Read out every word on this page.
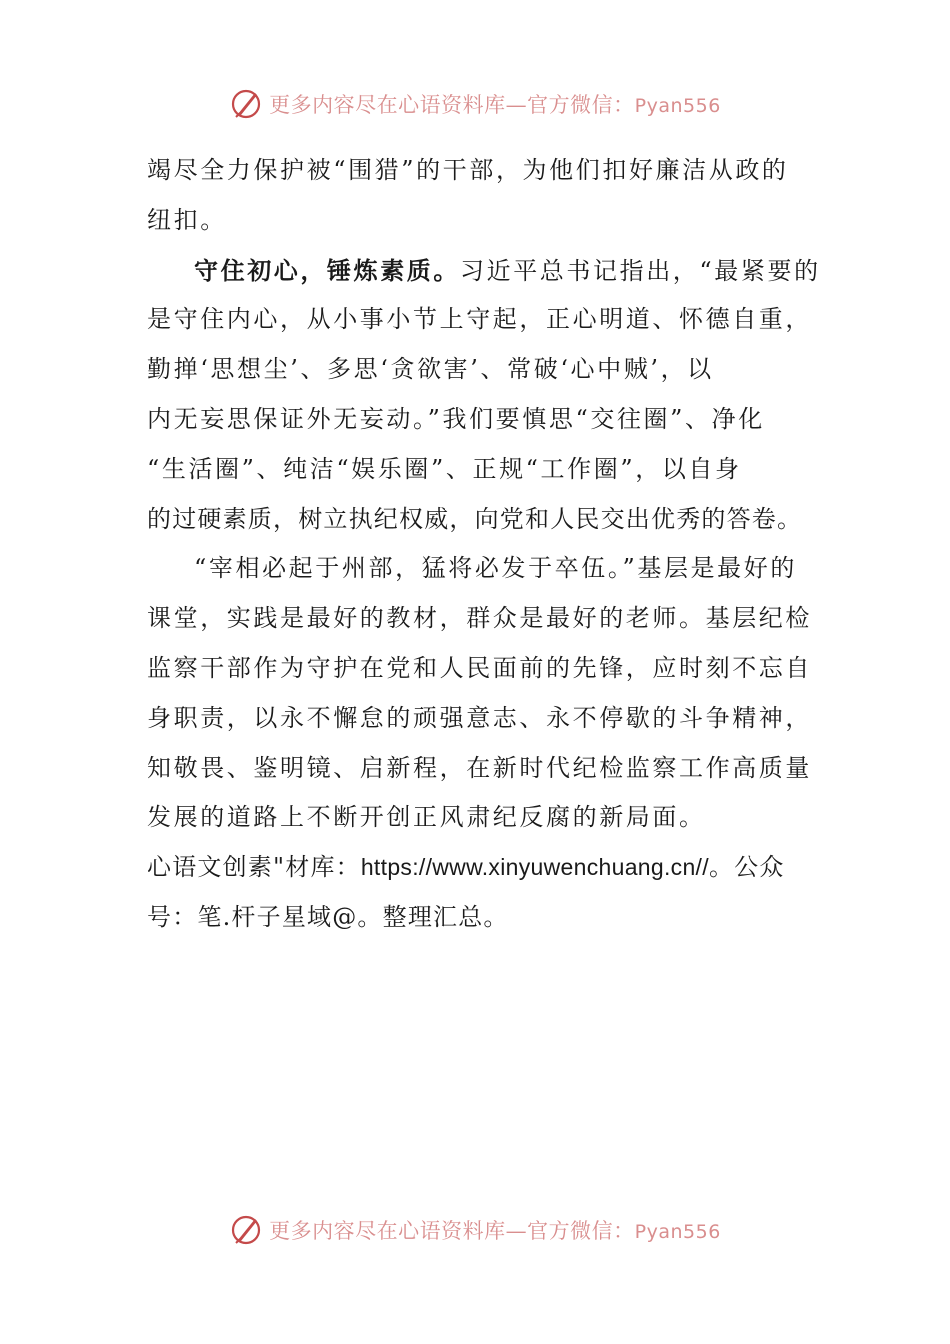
更多内容尽在心语资料库—官方微信：Pyan556
竭尽全力保护被“围猎”的干部，为他们扣好廉洁从政的
纽扣。
守住初心，锤炼素质。习近平总书记指出，“最紧要的
是守住内心，从小事小节上守起，正心明道、怀德自重，
勤掸‘思想尘’、多思‘贪欲害’、常破‘心中贼’，以
内无妄思保证外无妄动。”我们要慎思“交往圈”、净化
“生活圈”、纯洁“娱乐圈”、正规“工作圈”，以自身
的过硬素质，树立执纪权威，向党和人民交出优秀的答卷。
“宰相必起于州部，猛将必发于卒伍。”基层是最好的
课堂，实践是最好的教材，群众是最好的老师。基层纪检
监察干部作为守护在党和人民面前的先锋，应时刻不忘自
身职责，以永不懈怠的顽强意志、永不停歇的斗争精神，
知敬畏、鉴明镜、启新程，在新时代纪检监察工作高质量
发展的道路上不断开创正风肃纪反腐的新局面。
心语文创素"材库：https://www.xinyuwenchuang.cn//。公众
号：笔.杆子星域@。整理汇总。
更多内容尽在心语资料库—官方微信：Pyan556
